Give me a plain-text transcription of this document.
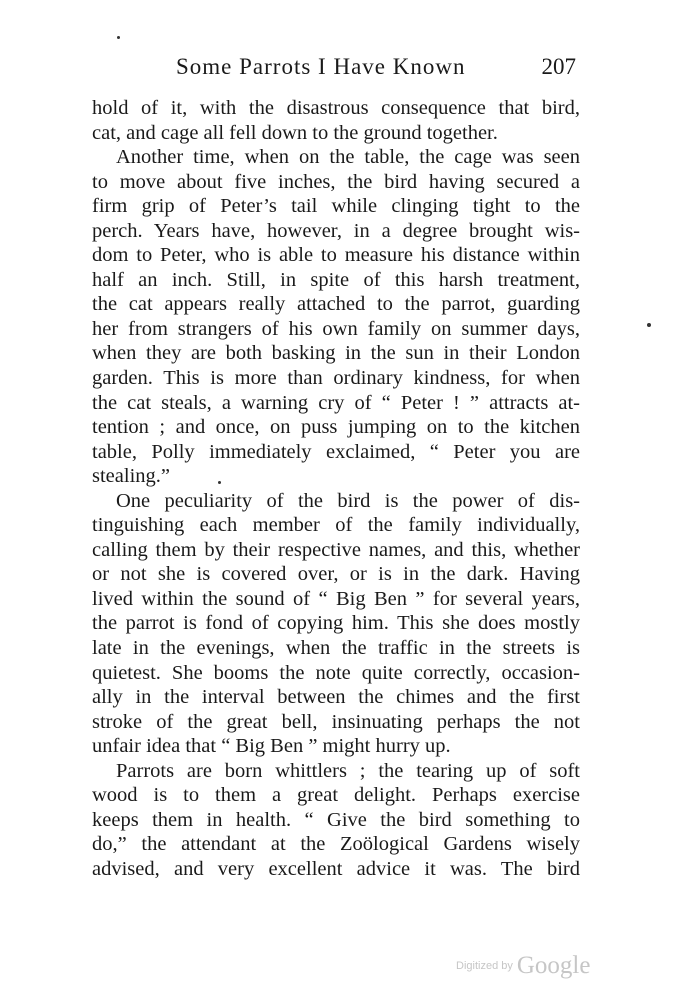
Some Parrots I Have Known	207
hold of it, with the disastrous consequence that bird,
cat, and cage all fell down to the ground together.
Another time, when on the table, the cage was seen
to move about five inches, the bird having secured a
firm grip of Peter’s tail while clinging tight to the
perch. Years have, however, in a degree brought wis-
dom to Peter, who is able to measure his distance within
half an inch. Still, in spite of this harsh treatment,
the cat appears really attached to the parrot, guarding
her from strangers of his own family on summer days,
when they are both basking in the sun in their London
garden. This is more than ordinary kindness, for when
the cat steals, a warning cry of “ Peter ! ” attracts at-
tention ; and once, on puss jumping on to the kitchen
table, Polly immediately exclaimed, “ Peter you are
stealing.”
One peculiarity of the bird is the power of dis-
tinguishing each member of the family individually,
calling them by their respective names, and this, whether
or not she is covered over, or is in the dark. Having
lived within the sound of “ Big Ben ” for several years,
the parrot is fond of copying him. This she does mostly
late in the evenings, when the traffic in the streets is
quietest. She booms the note quite correctly, occasion-
ally in the interval between the chimes and the first
stroke of the great bell, insinuating perhaps the not
unfair idea that “ Big Ben ” might hurry up.
Parrots are born whittlers ; the tearing up of soft
wood is to them a great delight. Perhaps exercise
keeps them in health. “ Give the bird something to
do,” the attendant at the Zoölogical Gardens wisely
advised, and very excellent advice it was. The bird
Digitized by Google
